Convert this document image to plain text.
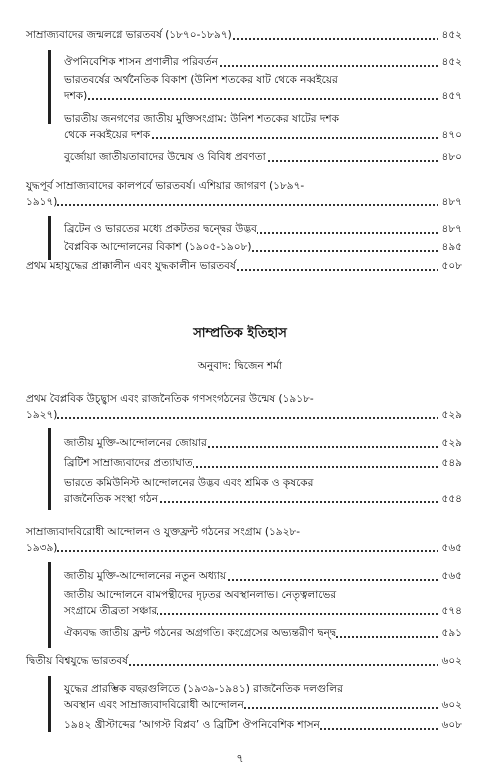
সাম্রাজ্যবাদের জন্মলগ্নে ভারতবর্ষ (১৮৭০-১৮৯৭)	৪৫২
ঔপনিবেশিক শাসন প্রণালীর পরিবর্তন	৪৫২
ভারতবর্ষের অর্থনৈতিক বিকাশ (উনিশ শতকের ষাট থেকে নব্বইয়ের
দশক)	৪৫৭
ভারতীয় জনগণের জাতীয় মুক্তিসংগ্রাম: উনিশ শতকের ষাটের দশক
থেকে নব্বইয়ের দশক	৪৭০
বুর্জোয়া জাতীয়তাবাদের উন্মেষ ও বিবিধ প্রবণতা	৪৮০
যুদ্ধপূর্ব সাম্রাজ্যবাদের কালপর্বে ভারতবর্ষ। এশিয়ার জাগরণ (১৮৯৭-
১৯১৭)	৪৮৭
ব্রিটেন ও ভারতের মধ্যে প্রকটতর দ্বন্দ্বের উদ্ভব	৪৮৭
বৈপ্লবিক আন্দোলনের বিকাশ (১৯০৫-১৯০৮)	৪৯৫
প্রথম মহাযুদ্ধের প্রাক্কালীন এবং যুদ্ধকালীন ভারতবর্ষ	৫০৮
সাম্প্রতিক ইতিহাস
অনুবাদ: দ্বিজেন শর্মা
প্রথম বৈপ্লবিক উচ্ছ্বাস এবং রাজনৈতিক গণসংগঠনের উন্মেষ (১৯১৮-
১৯২৭)	৫২৯
জাতীয় মুক্তি-আন্দোলনের জোয়ার	৫২৯
ব্রিটিশ সাম্রাজ্যবাদের প্রত্যাঘাত	৫৪৯
ভারতে কমিউনিস্ট আন্দোলনের উদ্ভব এবং শ্রমিক ও কৃষকের
রাজনৈতিক সংস্থা গঠন	৫৫৪
সাম্রাজ্যবাদবিরোধী আন্দোলন ও যুক্তফ্রন্ট গঠনের সংগ্রাম (১৯২৮-
১৯৩৯)	৫৬৫
জাতীয় মুক্তি-আন্দোলনের নতুন অধ্যায়	৫৬৫
জাতীয় আন্দোলনে বামপন্থীদের দৃঢ়তর অবস্থানলাভ। নেতৃত্বলাভের
সংগ্রামে তীব্রতা সঞ্চার	৫৭৪
ঐক্যবদ্ধ জাতীয় ফ্রন্ট গঠনের অগ্রগতি। কংগ্রেসের অভ্যন্তরীণ দ্বন্দ্ব	৫৯১
দ্বিতীয় বিশ্বযুদ্ধে ভারতবর্ষ	৬০২
যুদ্ধের প্রারম্ভিক বছরগুলিতে (১৯৩৯-১৯৪১) রাজনৈতিক দলগুলির
অবস্থান এবং সাম্রাজ্যবাদবিরোধী আন্দোলন	৬০২
১৯৪২ খ্রীস্টাব্দের ‘আগস্ট বিপ্লব’ ও ব্রিটিশ ঔপনিবেশিক শাসন	৬০৮
৭
